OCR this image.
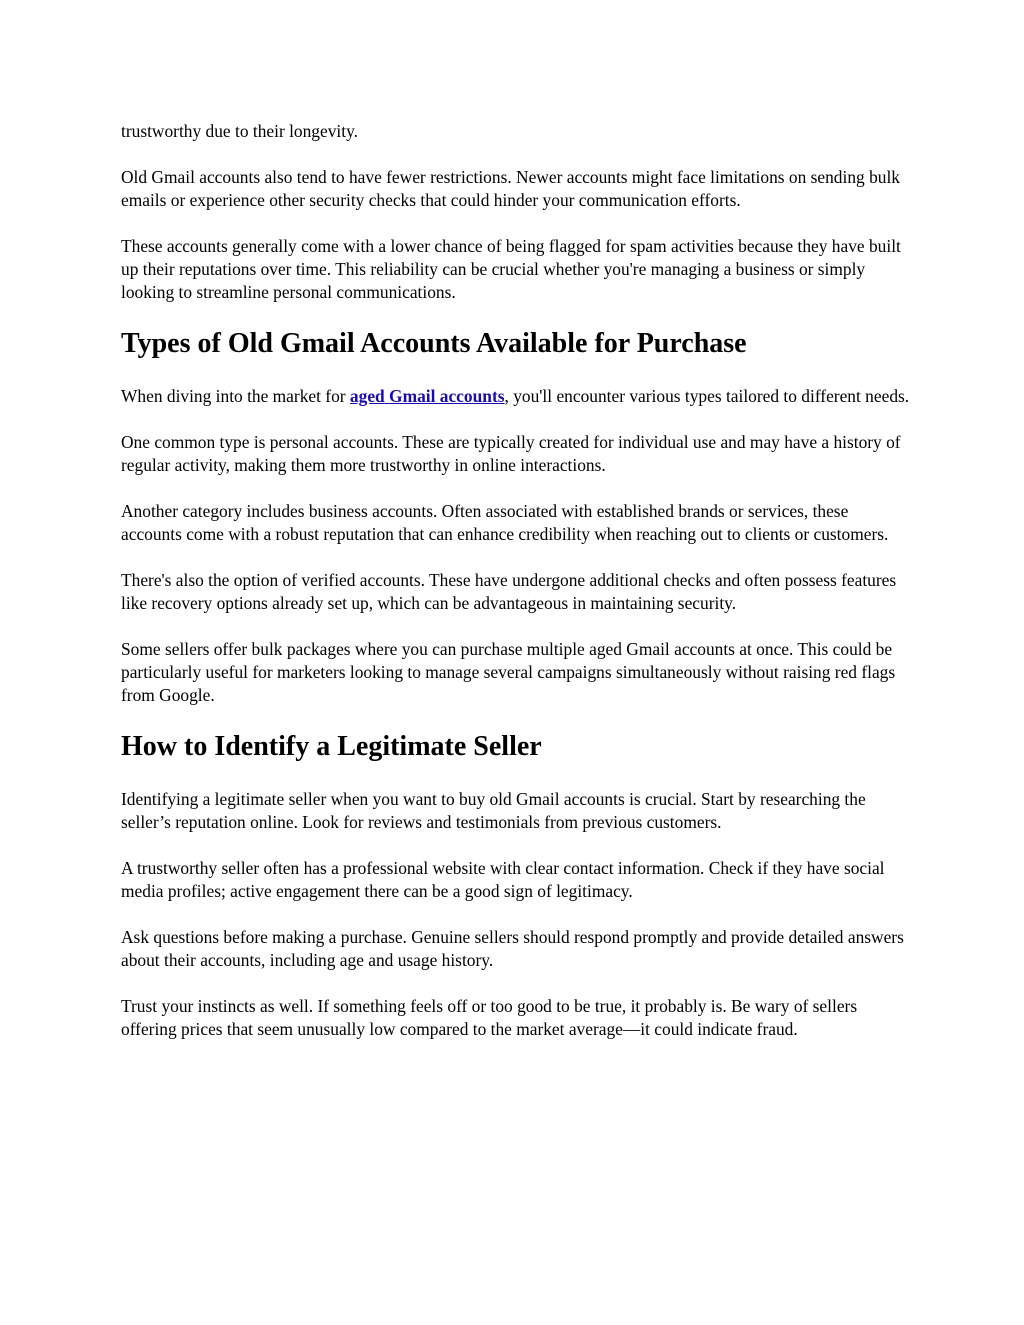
trustworthy due to their longevity.

Old Gmail accounts also tend to have fewer restrictions. Newer accounts might face limitations on sending bulk emails or experience other security checks that could hinder your communication efforts.

These accounts generally come with a lower chance of being flagged for spam activities because they have built up their reputations over time. This reliability can be crucial whether you're managing a business or simply looking to streamline personal communications.

Types of Old Gmail Accounts Available for Purchase

When diving into the market for aged Gmail accounts, you'll encounter various types tailored to different needs.

One common type is personal accounts. These are typically created for individual use and may have a history of regular activity, making them more trustworthy in online interactions.

Another category includes business accounts. Often associated with established brands or services, these accounts come with a robust reputation that can enhance credibility when reaching out to clients or customers.

There's also the option of verified accounts. These have undergone additional checks and often possess features like recovery options already set up, which can be advantageous in maintaining security.

Some sellers offer bulk packages where you can purchase multiple aged Gmail accounts at once. This could be particularly useful for marketers looking to manage several campaigns simultaneously without raising red flags from Google.

How to Identify a Legitimate Seller

Identifying a legitimate seller when you want to buy old Gmail accounts is crucial. Start by researching the seller’s reputation online. Look for reviews and testimonials from previous customers.

A trustworthy seller often has a professional website with clear contact information. Check if they have social media profiles; active engagement there can be a good sign of legitimacy.

Ask questions before making a purchase. Genuine sellers should respond promptly and provide detailed answers about their accounts, including age and usage history.

Trust your instincts as well. If something feels off or too good to be true, it probably is. Be wary of sellers offering prices that seem unusually low compared to the market average—it could indicate fraud.
